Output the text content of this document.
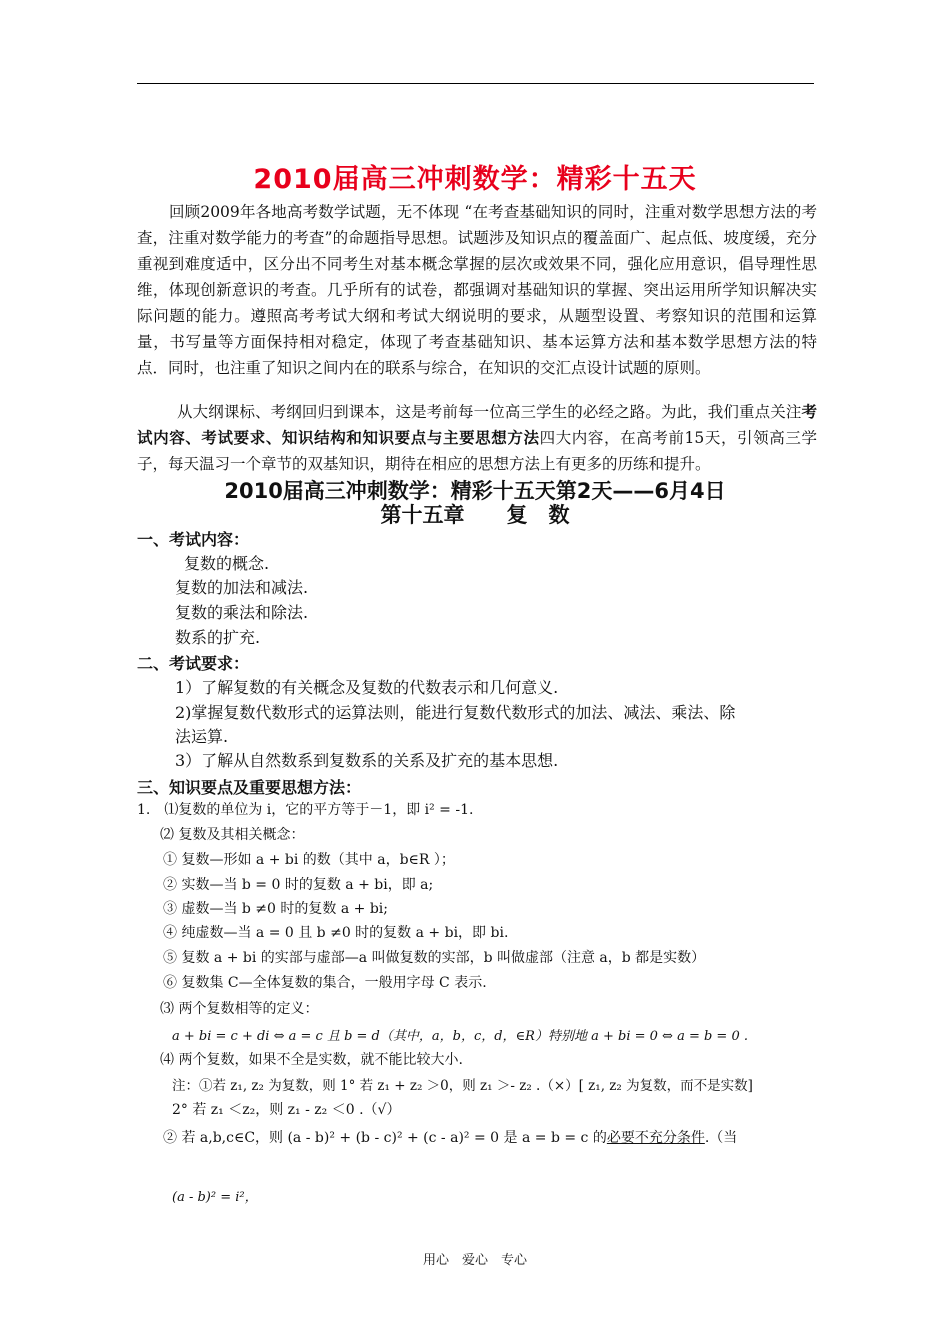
2010届高三冲刺数学：精彩十五天

回顾2009年各地高考数学试题，无不体现 “在考查基础知识的同时，注重对数学思想方法的考查，注重对数学能力的考查”的命题指导思想。试题涉及知识点的覆盖面广、起点低、坡度缓，充分重视到难度适中，区分出不同考生对基本概念掌握的层次或效果不同，强化应用意识，倡导理性思维，体现创新意识的考查。几乎所有的试卷，都强调对基础知识的掌握、突出运用所学知识解决实际问题的能力。遵照高考考试大纲和考试大纲说明的要求，从题型设置、考察知识的范围和运算量，书写量等方面保持相对稳定，体现了考查基础知识、基本运算方法和基本数学思想方法的特点．同时，也注重了知识之间内在的联系与综合，在知识的交汇点设计试题的原则。

从大纲课标、考纲回归到课本，这是考前每一位高三学生的必经之路。为此，我们重点关注考试内容、考试要求、知识结构和知识要点与主要思想方法四大内容，在高考前15天，引领高三学子，每天温习一个章节的双基知识，期待在相应的思想方法上有更多的历练和提升。

2010届高三冲刺数学：精彩十五天第2天——6月4日
第十五章　　复　数
一、考试内容：
复数的概念.
复数的加法和减法.
复数的乘法和除法.
数系的扩充.
二、考试要求：
1）了解复数的有关概念及复数的代数表示和几何意义.
2)掌握复数代数形式的运算法则，能进行复数代数形式的加法、减法、乘法、除
法运算.
3）了解从自然数系到复数系的关系及扩充的基本思想.
三、知识要点及重要思想方法：
1.　⑴复数的单位为 i，它的平方等于－1，即 i² = -1.
⑵ 复数及其相关概念：
① 复数—形如 a + bi 的数（其中 a，b∈R ）；
② 实数—当 b = 0 时的复数 a + bi，即 a;
③ 虚数—当 b ≠0 时的复数 a + bi;
④ 纯虚数—当 a = 0 且 b ≠0 时的复数 a + bi，即 bi.
⑤ 复数 a + bi 的实部与虚部—a 叫做复数的实部，b 叫做虚部（注意 a，b 都是实数）
⑥ 复数集 C—全体复数的集合，一般用字母 C 表示.
⑶ 两个复数相等的定义：
a + bi = c + di ⇔ a = c 且 b = d（其中，a，b，c，d，∈R）特别地 a + bi = 0 ⇔ a = b = 0 .
⑷ 两个复数，如果不全是实数，就不能比较大小.
注：①若 z₁, z₂ 为复数，则 1° 若 z₁ + z₂ ＞0，则 z₁ ＞- z₂ .（×）[ z₁, z₂ 为复数，而不是实数]
2° 若 z₁ ＜z₂，则 z₁ - z₂ ＜0 .（√）
② 若 a,b,c∈C，则 (a - b)² + (b - c)² + (c - a)² = 0 是 a = b = c 的必要不充分条件.（当
(a - b)² = i²，
用心　爱心　专心
